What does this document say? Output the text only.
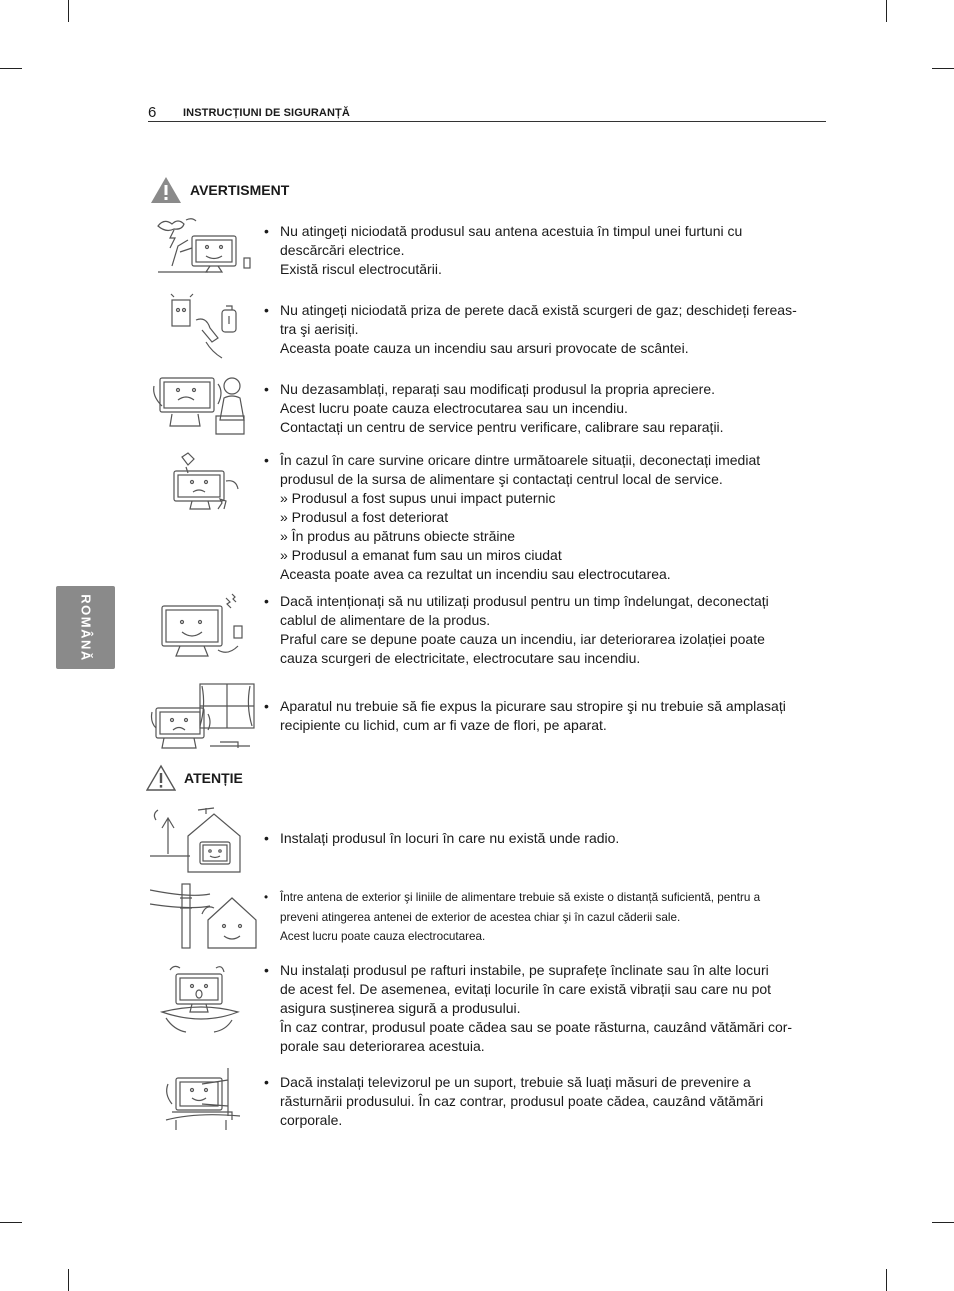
6 INSTRUCȚIUNI DE SIGURANȚĂ
ROMÂNĂ
AVERTISMENT
• Nu atingeți niciodată produsul sau antena acestuia în timpul unei furtuni cu
descărcări electrice.
Există riscul electrocutării.
• Nu atingeți niciodată priza de perete dacă există scurgeri de gaz; deschideți fereas-
tra şi aerisiți.
Aceasta poate cauza un incendiu sau arsuri provocate de scântei.
• Nu dezasamblați, reparați sau modificați produsul la propria apreciere.
Acest lucru poate cauza electrocutarea sau un incendiu.
Contactați un centru de service pentru verificare, calibrare sau reparații.
• În cazul în care survine oricare dintre următoarele situații, deconectați imediat
produsul de la sursa de alimentare şi contactați centrul local de service.
» Produsul a fost supus unui impact puternic
» Produsul a fost deteriorat
» În produs au pătruns obiecte străine
» Produsul a emanat fum sau un miros ciudat
Aceasta poate avea ca rezultat un incendiu sau electrocutarea.
• Dacă intenționați să nu utilizați produsul pentru un timp îndelungat, deconectați
cablul de alimentare de la produs.
Praful care se depune poate cauza un incendiu, iar deteriorarea izolației poate
cauza scurgeri de electricitate, electrocutare sau incendiu.
• Aparatul nu trebuie să fie expus la picurare sau stropire şi nu trebuie să amplasați
recipiente cu lichid, cum ar fi vaze de flori, pe aparat.
ATENȚIE
• Instalați produsul în locuri în care nu există unde radio.
• Între antena de exterior şi liniile de alimentare trebuie să existe o distanță suficientă, pentru a
preveni atingerea antenei de exterior de acestea chiar şi în cazul căderii sale.
Acest lucru poate cauza electrocutarea.
• Nu instalați produsul pe rafturi instabile, pe suprafețe înclinate sau în alte locuri
de acest fel. De asemenea, evitați locurile în care există vibrații sau care nu pot
asigura susținerea sigură a produsului.
În caz contrar, produsul poate cădea sau se poate răsturna, cauzând vătămări cor-
porale sau deteriorarea acestuia.
• Dacă instalați televizorul pe un suport, trebuie să luați măsuri de prevenire a
răsturnării produsului. În caz contrar, produsul poate cădea, cauzând vătămări
corporale.
